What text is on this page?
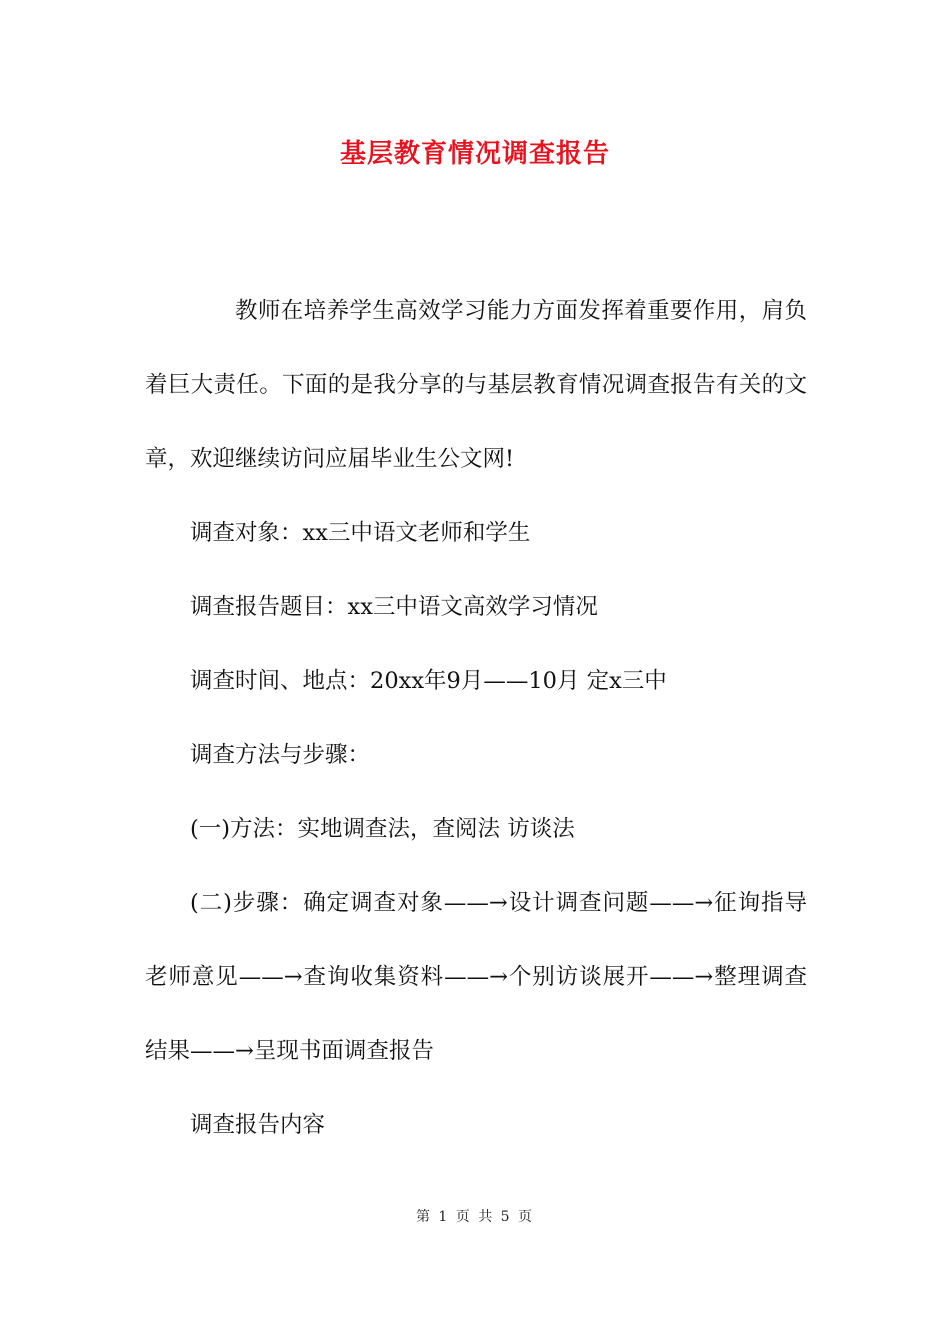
基层教育情况调查报告

教师在培养学生高效学习能力方面发挥着重要作用，肩负着巨大责任。下面的是我分享的与基层教育情况调查报告有关的文章，欢迎继续访问应届毕业生公文网!

调查对象：xx三中语文老师和学生

调查报告题目：xx三中语文高效学习情况

调查时间、地点：20xx年9月——10月 定x三中

调查方法与步骤：

(一)方法：实地调查法，查阅法 访谈法

(二)步骤：确定调查对象——→设计调查问题——→征询指导老师意见——→查询收集资料——→个别访谈展开——→整理调查结果——→呈现书面调查报告

调查报告内容

第 1 页 共 5 页
